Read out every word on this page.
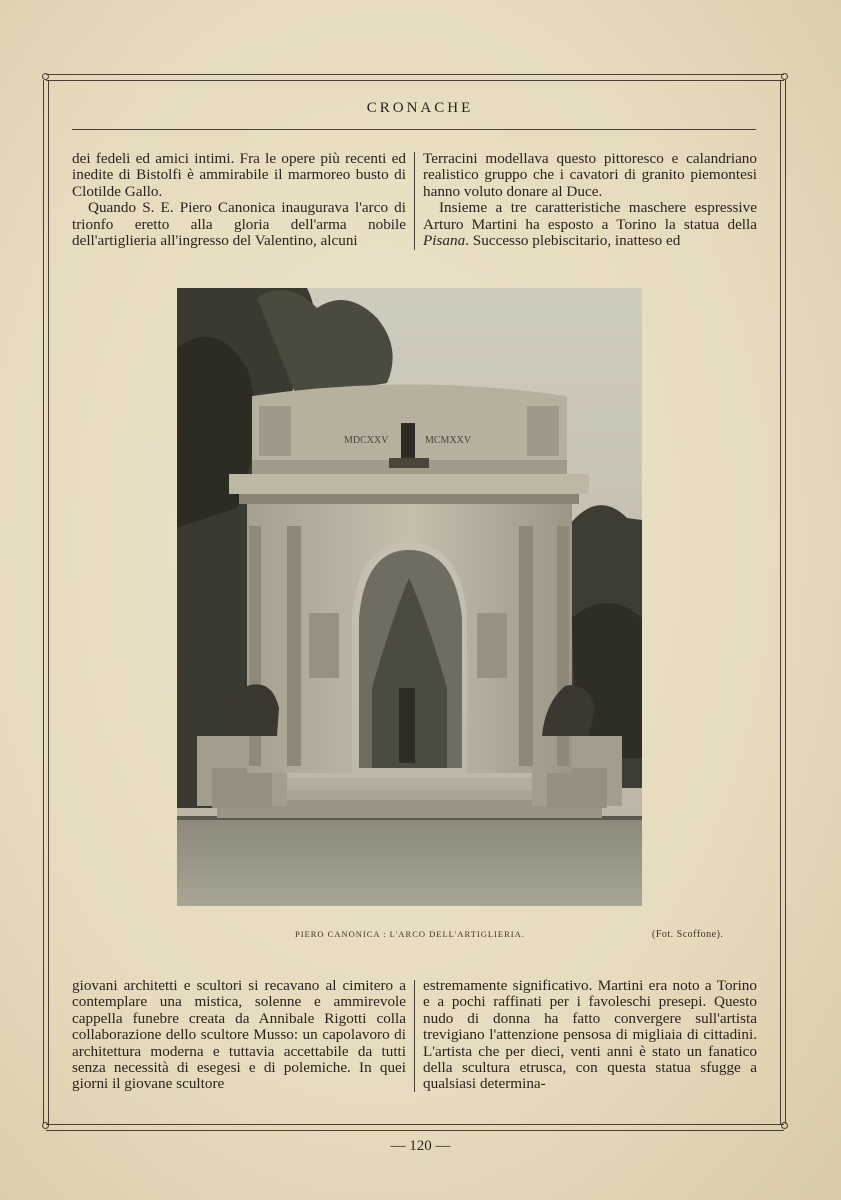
CRONACHE

dei fedeli ed amici intimi. Fra le opere più recenti ed inedite di Bistolfi è ammirabile il marmoreo busto di Clotilde Gallo.

Quando S. E. Piero Canonica inaugurava l'arco di trionfo eretto alla gloria dell'arma nobile dell'artiglieria all'ingresso del Valentino, alcuni

Terracini modellava questo pittoresco e calandriano realistico gruppo che i cavatori di granito piemontesi hanno voluto donare al Duce.

Insieme a tre caratteristiche maschere espressive Arturo Martini ha esposto a Torino la statua della Pisana. Successo plebiscitario, inatteso ed

MDCXXV	MCMXXV
PIERO CANONICA : L'ARCO DELL'ARTIGLIERIA.	(Fot. Scoffone).

giovani architetti e scultori si recavano al cimitero a contemplare una mistica, solenne e ammirevole cappella funebre creata da Annibale Rigotti colla collaborazione dello scultore Musso: un capolavoro di architettura moderna e tuttavia accettabile da tutti senza necessità di esegesi e di polemiche. In quei giorni il giovane scultore

estremamente significativo. Martini era noto a Torino e a pochi raffinati per i favoleschi presepi. Questo nudo di donna ha fatto convergere sull'artista trevigiano l'attenzione pensosa di migliaia di cittadini. L'artista che per dieci, venti anni è stato un fanatico della scultura etrusca, con questa statua sfugge a qualsiasi determina-

— 120 —
